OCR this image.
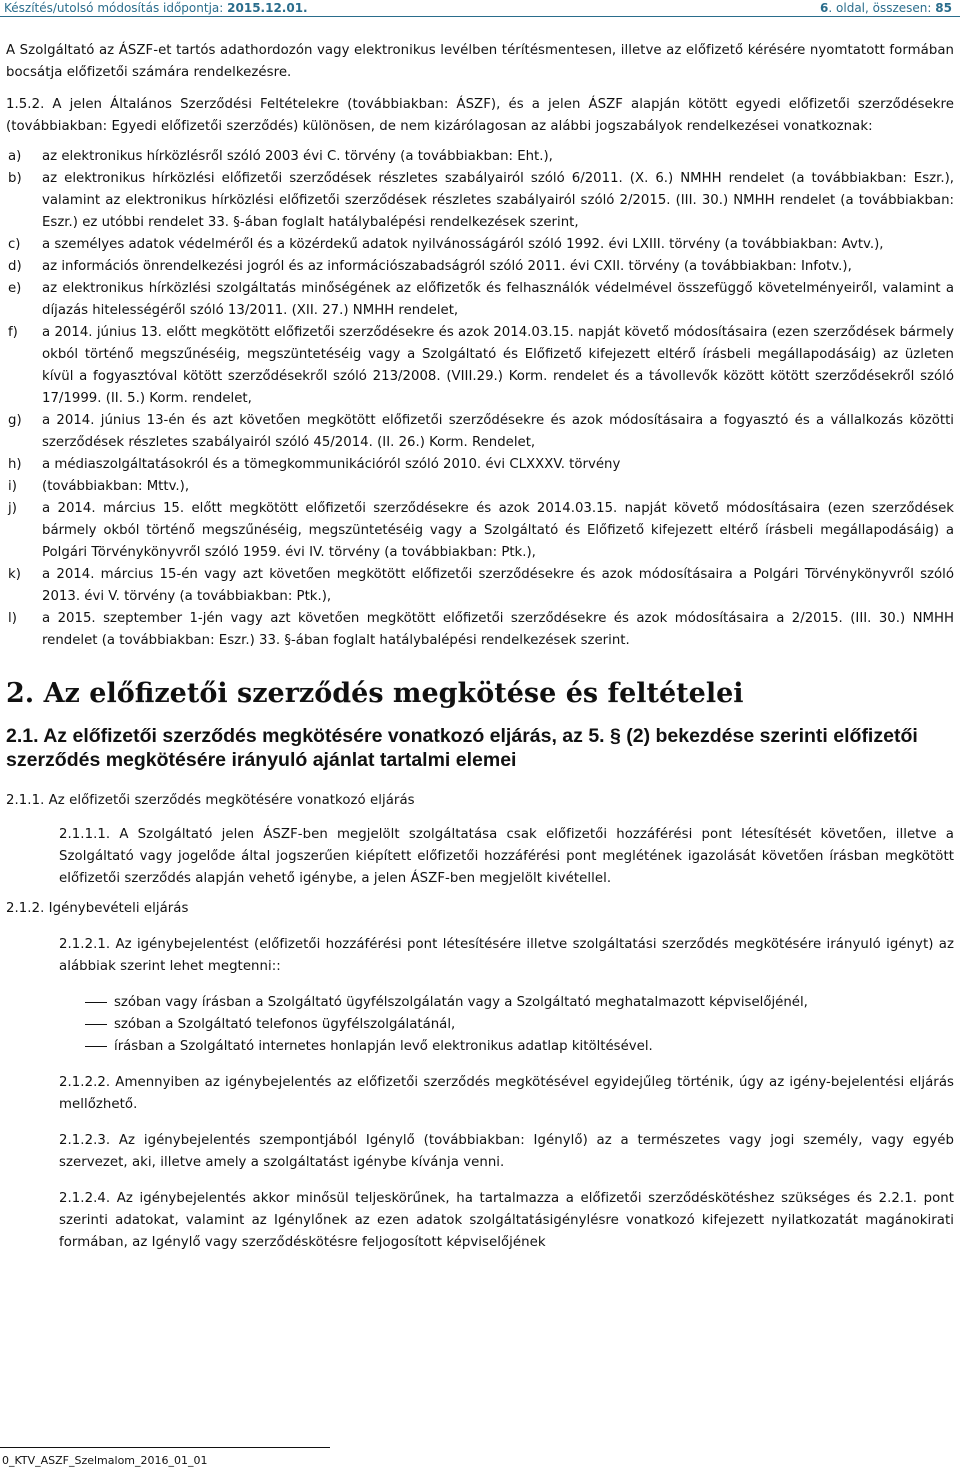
Készítés/utolsó módosítás időpontja: 2015.12.01.	6. oldal, összesen: 85

A Szolgáltató az ÁSZF-et tartós adathordozón vagy elektronikus levélben térítésmentesen, illetve az előfizető kérésére nyomtatott formában bocsátja előfizetői számára rendelkezésre.

1.5.2. A jelen Általános Szerződési Feltételekre (továbbiakban: ÁSZF), és a jelen ÁSZF alapján kötött egyedi előfizetői szerződésekre (továbbiakban: Egyedi előfizetői szerződés) különösen, de nem kizárólagosan az alábbi jogszabályok rendelkezései vonatkoznak:

a)	az elektronikus hírközlésről szóló 2003 évi C. törvény (a továbbiakban: Eht.),
b)	az elektronikus hírközlési előfizetői szerződések részletes szabályairól szóló 6/2011. (X. 6.) NMHH rendelet (a továbbiakban: Eszr.), valamint az elektronikus hírközlési előfizetői szerződések részletes szabályairól szóló 2/2015. (III. 30.) NMHH rendelet (a továbbiakban: Eszr.) ez utóbbi rendelet 33. §-ában foglalt hatálybalépési rendelkezések szerint,
c)	a személyes adatok védelméről és a közérdekű adatok nyilvánosságáról szóló 1992. évi LXIII. törvény (a továbbiakban: Avtv.),
d)	az információs önrendelkezési jogról és az információszabadságról szóló 2011. évi CXII. törvény (a továbbiakban: Infotv.),
e)	az elektronikus hírközlési szolgáltatás minőségének az előfizetők és felhasználók védelmével összefüggő követelményeiről, valamint a díjazás hitelességéről szóló 13/2011. (XII. 27.) NMHH rendelet,
f)	a 2014. június 13. előtt megkötött előfizetői szerződésekre és azok 2014.03.15. napját követő módosításaira (ezen szerződések bármely okból történő megszűnéséig, megszüntetéséig vagy a Szolgáltató és Előfizető kifejezett eltérő írásbeli megállapodásáig) az üzleten kívül a fogyasztóval kötött szerződésekről szóló 213/2008. (VIII.29.) Korm. rendelet és a távollevők között kötött szerződésekről szóló 17/1999. (II. 5.) Korm. rendelet,
g)	a 2014. június 13-én és azt követően megkötött előfizetői szerződésekre és azok módosításaira a fogyasztó és a vállalkozás közötti szerződések részletes szabályairól szóló 45/2014. (II. 26.) Korm. Rendelet,
h)	a médiaszolgáltatásokról és a tömegkommunikációról szóló 2010. évi CLXXXV. törvény
i)	(továbbiakban: Mttv.),
j)	a 2014. március 15. előtt megkötött előfizetői szerződésekre és azok 2014.03.15. napját követő módosításaira (ezen szerződések bármely okból történő megszűnéséig, megszüntetéséig vagy a Szolgáltató és Előfizető kifejezett eltérő írásbeli megállapodásáig) a Polgári Törvénykönyvről szóló 1959. évi IV. törvény (a továbbiakban: Ptk.),
k)	a 2014. március 15-én vagy azt követően megkötött előfizetői szerződésekre és azok módosításaira a Polgári Törvénykönyvről szóló 2013. évi V. törvény (a továbbiakban: Ptk.),
l)	a 2015. szeptember 1-jén vagy azt követően megkötött előfizetői szerződésekre és azok módosításaira a 2/2015. (III. 30.) NMHH rendelet (a továbbiakban: Eszr.) 33. §-ában foglalt hatálybalépési rendelkezések szerint.
2. Az előfizetői szerződés megkötése és feltételei
2.1. Az előfizetői szerződés megkötésére vonatkozó eljárás, az 5. § (2) bekezdése szerinti előfizetői szerződés megkötésére irányuló ajánlat tartalmi elemei

2.1.1. Az előfizetői szerződés megkötésére vonatkozó eljárás

2.1.1.1. A Szolgáltató jelen ÁSZF-ben megjelölt szolgáltatása csak előfizetői hozzáférési pont létesítését követően, illetve a Szolgáltató vagy jogelőde által jogszerűen kiépített előfizetői hozzáférési pont meglétének igazolását követően írásban megkötött előfizetői szerződés alapján vehető igénybe, a jelen ÁSZF-ben megjelölt kivétellel.

2.1.2. Igénybevételi eljárás

2.1.2.1. Az igénybejelentést (előfizetői hozzáférési pont létesítésére illetve szolgáltatási szerződés megkötésére irányuló igényt) az alábbiak szerint lehet megtenni::

szóban vagy írásban a Szolgáltató ügyfélszolgálatán vagy a Szolgáltató meghatalmazott képviselőjénél,
szóban a Szolgáltató telefonos ügyfélszolgálatánál,
írásban a Szolgáltató internetes honlapján levő elektronikus adatlap kitöltésével.

2.1.2.2. Amennyiben az igénybejelentés az előfizetői szerződés megkötésével egyidejűleg történik, úgy az igény-bejelentési eljárás mellőzhető.

2.1.2.3. Az igénybejelentés szempontjából Igénylő (továbbiakban: Igénylő) az a természetes vagy jogi személy, vagy egyéb szervezet, aki, illetve amely a szolgáltatást igénybe kívánja venni.

2.1.2.4. Az igénybejelentés akkor minősül teljeskörűnek, ha tartalmazza a előfizetői szerződéskötéshez szükséges és 2.2.1. pont szerinti adatokat, valamint az Igénylőnek az ezen adatok szolgáltatásigénylésre vonatkozó kifejezett nyilatkozatát magánokirati formában, az Igénylő vagy szerződéskötésre feljogosított képviselőjének

0_KTV_ASZF_Szelmalom_2016_01_01
